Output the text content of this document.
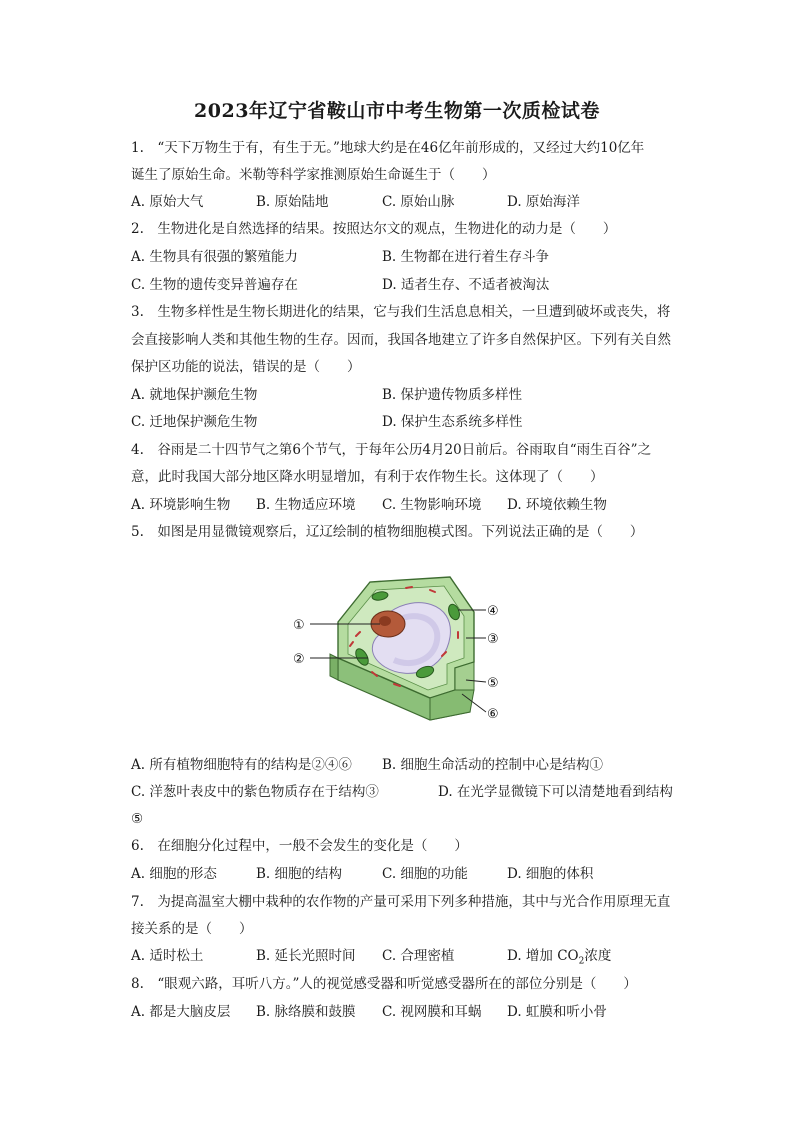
2023年辽宁省鞍山市中考生物第一次质检试卷
1.　“天下万物生于有，有生于无。”地球大约是在46亿年前形成的，又经过大约10亿年
诞生了原始生命。米勒等科学家推测原始生命诞生于（　　）
A. 原始大气	B. 原始陆地	C. 原始山脉	D. 原始海洋
2.　生物进化是自然选择的结果。按照达尔文的观点，生物进化的动力是（　　）
A. 生物具有很强的繁殖能力	B. 生物都在进行着生存斗争
C. 生物的遗传变异普遍存在	D. 适者生存、不适者被淘汰
3.　生物多样性是生物长期进化的结果，它与我们生活息息相关，一旦遭到破坏或丧失，将
会直接影响人类和其他生物的生存。因而，我国各地建立了许多自然保护区。下列有关自然
保护区功能的说法，错误的是（　　）
A. 就地保护濒危生物	B. 保护遗传物质多样性
C. 迁地保护濒危生物	D. 保护生态系统多样性
4.　谷雨是二十四节气之第6个节气，于每年公历4月20日前后。谷雨取自“雨生百谷”之
意，此时我国大部分地区降水明显增加，有利于农作物生长。这体现了（　　）
A. 环境影响生物 B. 生物适应环境 C. 生物影响环境 D. 环境依赖生物
5.　如图是用显微镜观察后，辽辽绘制的植物细胞模式图。下列说法正确的是（　　）
①
②
③
④
⑤
⑥
A. 所有植物细胞特有的结构是②④⑥ B. 细胞生命活动的控制中心是结构①
C. 洋葱叶表皮中的紫色物质存在于结构③	D. 在光学显微镜下可以清楚地看到结构
⑤
6.　在细胞分化过程中，一般不会发生的变化是（　　）
A. 细胞的形态	B. 细胞的结构	C. 细胞的功能	D. 细胞的体积
7.　为提高温室大棚中栽种的农作物的产量可采用下列多种措施，其中与光合作用原理无直
接关系的是（　　）
A. 适时松土	B. 延长光照时间 C. 合理密植	D. 增加 $CO_2$浓度
8.　“眼观六路，耳听八方。”人的视觉感受器和听觉感受器所在的部位分别是（　　）
A. 都是大脑皮层 B. 脉络膜和鼓膜 C. 视网膜和耳蜗 D. 虹膜和听小骨
